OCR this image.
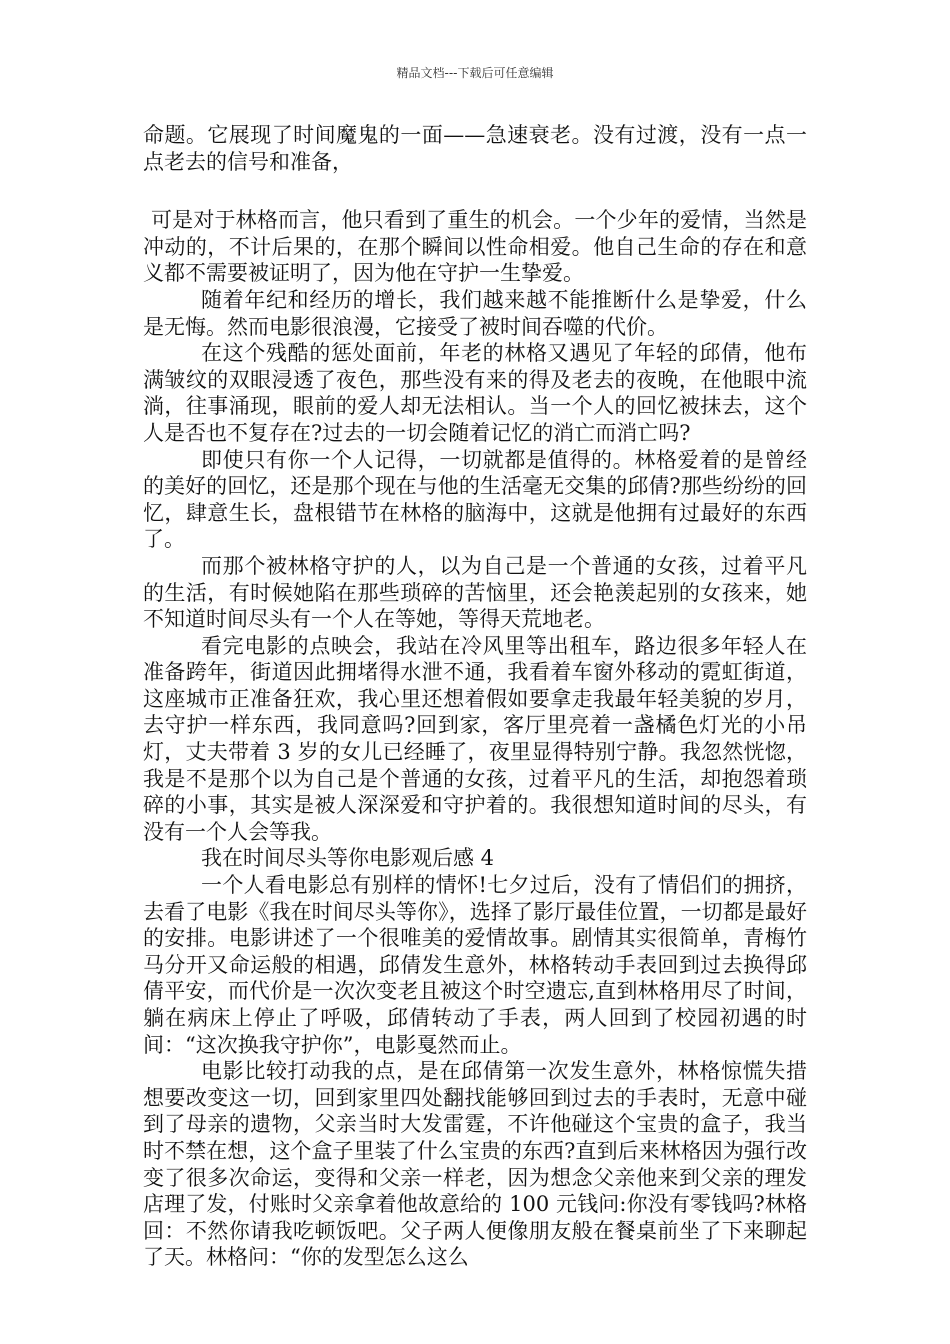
精品文档---下载后可任意编辑

命题。它展现了时间魔鬼的一面——急速衰老。没有过渡，没有一点一点老去的信号和准备，

可是对于林格而言，他只看到了重生的机会。一个少年的爱情，当然是冲动的，不计后果的，在那个瞬间以性命相爱。他自己生命的存在和意义都不需要被证明了，因为他在守护一生挚爱。

随着年纪和经历的增长，我们越来越不能推断什么是挚爱，什么是无悔。然而电影很浪漫，它接受了被时间吞噬的代价。

在这个残酷的惩处面前，年老的林格又遇见了年轻的邱倩，他布满皱纹的双眼浸透了夜色，那些没有来的得及老去的夜晚，在他眼中流淌，往事涌现，眼前的爱人却无法相认。当一个人的回忆被抹去，这个人是否也不复存在?过去的一切会随着记忆的消亡而消亡吗?

即使只有你一个人记得，一切就都是值得的。林格爱着的是曾经的美好的回忆，还是那个现在与他的生活毫无交集的邱倩?那些纷纷的回忆，肆意生长，盘根错节在林格的脑海中，这就是他拥有过最好的东西了。

而那个被林格守护的人，以为自己是一个普通的女孩，过着平凡的生活，有时候她陷在那些琐碎的苦恼里，还会艳羡起别的女孩来，她不知道时间尽头有一个人在等她，等得天荒地老。

看完电影的点映会，我站在冷风里等出租车，路边很多年轻人在准备跨年，街道因此拥堵得水泄不通，我看着车窗外移动的霓虹街道，这座城市正准备狂欢，我心里还想着假如要拿走我最年轻美貌的岁月，去守护一样东西，我同意吗?回到家，客厅里亮着一盏橘色灯光的小吊灯，丈夫带着 3 岁的女儿已经睡了，夜里显得特别宁静。我忽然恍惚，我是不是那个以为自己是个普通的女孩，过着平凡的生活，却抱怨着琐碎的小事，其实是被人深深爱和守护着的。我很想知道时间的尽头，有没有一个人会等我。

我在时间尽头等你电影观后感 4

一个人看电影总有别样的情怀!七夕过后，没有了情侣们的拥挤，去看了电影《我在时间尽头等你》，选择了影厅最佳位置，一切都是最好的安排。电影讲述了一个很唯美的爱情故事。剧情其实很简单，青梅竹马分开又命运般的相遇，邱倩发生意外，林格转动手表回到过去换得邱倩平安，而代价是一次次变老且被这个时空遗忘,直到林格用尽了时间，躺在病床上停止了呼吸，邱倩转动了手表，两人回到了校园初遇的时间：“这次换我守护你”，电影戛然而止。

电影比较打动我的点，是在邱倩第一次发生意外，林格惊慌失措想要改变这一切，回到家里四处翻找能够回到过去的手表时，无意中碰到了母亲的遗物，父亲当时大发雷霆，不许他碰这个宝贵的盒子，我当时不禁在想，这个盒子里装了什么宝贵的东西?直到后来林格因为强行改变了很多次命运，变得和父亲一样老，因为想念父亲他来到父亲的理发店理了发，付账时父亲拿着他故意给的 100 元钱问:你没有零钱吗?林格回：不然你请我吃顿饭吧。父子两人便像朋友般在餐桌前坐了下来聊起了天。林格问：“你的发型怎么这么
